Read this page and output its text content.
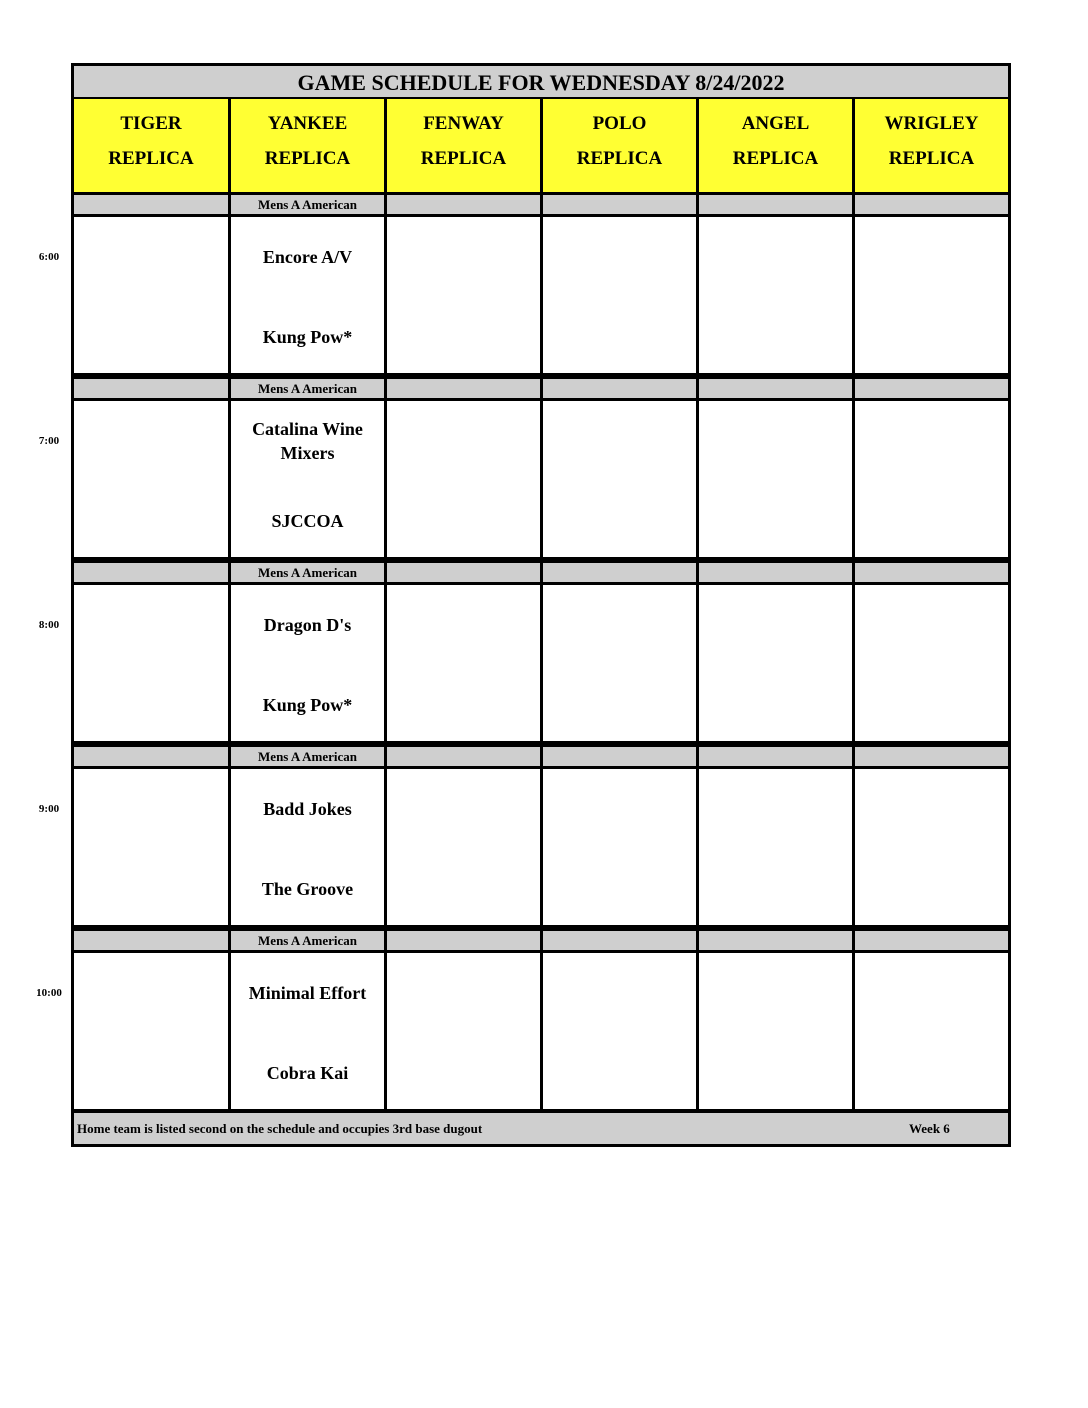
GAME SCHEDULE FOR WEDNESDAY 8/24/2022
TIGER
REPLICA
YANKEE
REPLICA
FENWAY
REPLICA
POLO
REPLICA
ANGEL
REPLICA
WRIGLEY
REPLICA
Mens A American
Encore A/V
Kung Pow*
Mens A American
Catalina Wine Mixers
SJCCOA
Mens A American
Dragon D's
Kung Pow*
Mens A American
Badd Jokes
The Groove
Mens A American
Minimal Effort
Cobra Kai
Home team is listed second on the schedule and occupies 3rd base dugout	Week 6
6:00
7:00
8:00
9:00
10:00
